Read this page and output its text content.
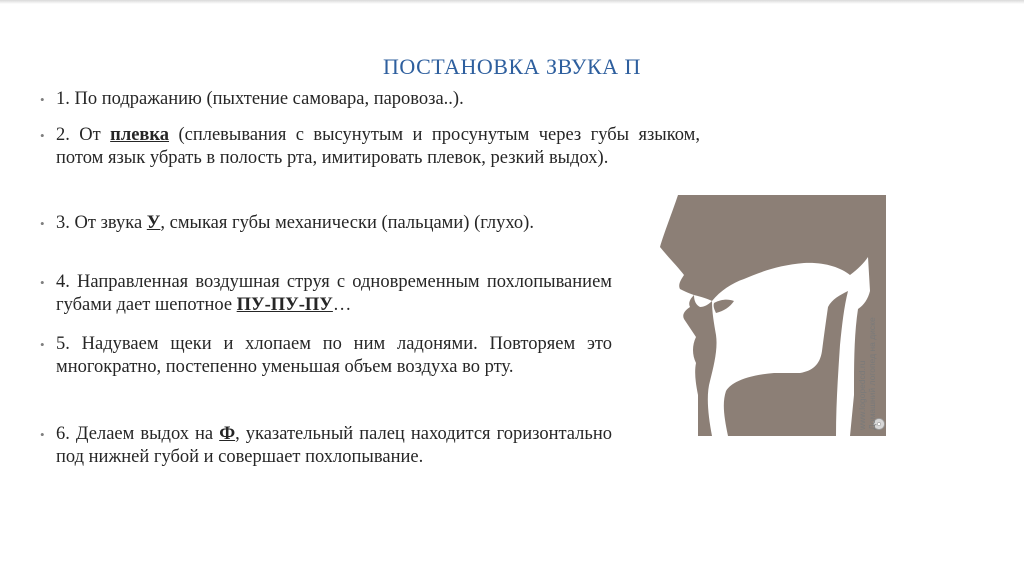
ПОСТАНОВКА ЗВУКА П
• 1. По подражанию (пыхтение самовара, паровоза..).
• 2. От плевка (сплевывания с высунутым и просунутым через губы языком, потом язык убрать в полость рта, имитировать плевок, резкий выдох).
• 3. От звука У, смыкая губы механически (пальцами) (глухо).
• 4. Направленная воздушная струя с одновременным похлопыванием губами дает шепотное ПУ-ПУ-ПУ…
• 5. Надуваем щеки и хлопаем по ним ладонями. Повторяем это многократно, постепенно уменьшая объем воздуха во рту.
• 6. Делаем выдох на Ф, указательный палец находится горизонтально под нижней губой и совершает похлопывание.
www.logopedcd.ru Домашний логопед на диске
